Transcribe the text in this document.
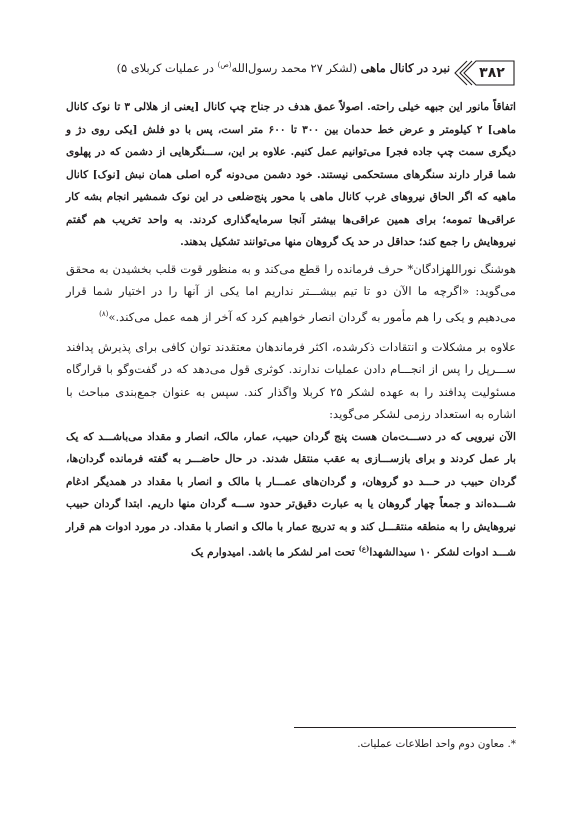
۳۸۲
نبرد در کانال ماهی (لشکر ۲۷ محمد رسول‌الله$^{(ص)}$ در عملیات کربلای ۵)

اتفاقاً مانور این جبهه خیلی راحته. اصولاً عمق هدف در جناح چپ کانال [یعنی از هلالی ۳ تا نوک کانال ماهی] ۲ کیلومتر و عرض خط حدمان بین ۳۰۰ تا ۶۰۰ متر است، پس با دو فلش [یکی روی دژ و دیگری سمت چپ جاده فجر] می‌توانیم عمل کنیم. علاوه بر این، ســـنگرهایی از دشمن که در پهلوی شما قرار دارند سنگرهای مستحکمی نیستند. خود دشمن می‌دونه گره اصلی همان نبش [نوک] کانال ماهیه که اگر الحاق نیروهای غرب کانال ماهی با محور پنج‌ضلعی در این نوک شمشیر انجام بشه کار عراقی‌ها تمومه؛ برای همین عراقی‌ها بیشتر آنجا سرمایه‌گذاری کردند. به واحد تخریب هم گفتم نیروهایش را جمع کند؛ حداقل در حد یک گروهان منها می‌توانند تشکیل بدهند.

هوشنگ نوراللهزادگان* حرف فرمانده را قطع می‌کند و به منظور قوت قلب بخشیدن به محقق می‌گوید: «اگرچه ما الآن دو تا تیم بیشـــتر نداریم اما یکی از آنها را در اختیار شما قرار می‌دهیم و یکی را هم مأمور به گردان انصار خواهیم کرد که آخر از همه عمل می‌کند.»$^{(۸)}$

علاوه بر مشکلات و انتقادات ذکرشده، اکثر فرماندهان معتقدند توان کافی برای پذیرش پدافند ســـرپل را پس از انجـــام دادن عملیات ندارند. کوثری قول می‌دهد که در گفت‌وگو با قرارگاه مسئولیت پدافند را به عهده لشکر ۲۵ کربلا واگذار کند. سپس به عنوان جمع‌بندی مباحث با اشاره به استعداد رزمی لشکر می‌گوید:

الآن نیرویی که در دســـت‌مان هست پنج گردان حبیب، عمار، مالک، انصار و مقداد می‌باشـــد که یک بار عمل کردند و برای بازســـازی به عقب منتقل شدند. در حال حاضـــر به گفته فرمانده گردان‌ها، گردان حبیب در حـــد دو گروهان، و گردان‌های عمـــار با مالک و انصار با مقداد در همدیگر ادغام شـــده‌اند و جمعاً چهار گروهان یا به عبارت دقیق‌تر حدود ســـه گردان منها داریم. ابتدا گردان حبیب نیروهایش را به منطقه منتقـــل کند و به تدریج عمار با مالک و انصار با مقداد. در مورد ادوات هم قرار شـــد ادوات لشکر ۱۰ سیدالشهدا$^{(ع)}$ تحت امر لشکر ما باشد. امیدوارم یک

*. معاون دوم واحد اطلاعات عملیات.
